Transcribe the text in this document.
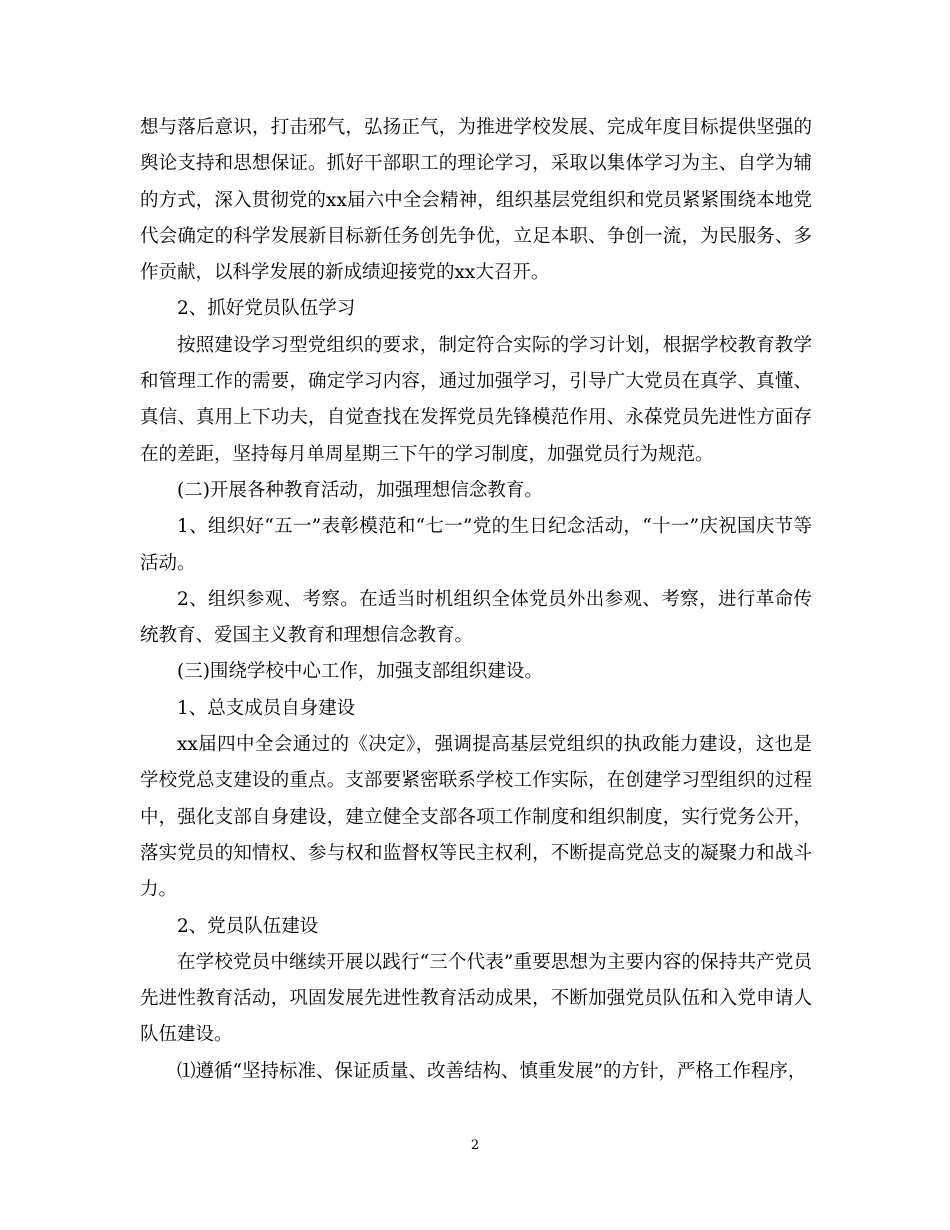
想与落后意识，打击邪气，弘扬正气，为推进学校发展、完成年度目标提供坚强的舆论支持和思想保证。抓好干部职工的理论学习，采取以集体学习为主、自学为辅的方式，深入贯彻党的xx届六中全会精神，组织基层党组织和党员紧紧围绕本地党代会确定的科学发展新目标新任务创先争优，立足本职、争创一流，为民服务、多作贡献，以科学发展的新成绩迎接党的xx大召开。

2、抓好党员队伍学习

按照建设学习型党组织的要求，制定符合实际的学习计划，根据学校教育教学和管理工作的需要，确定学习内容，通过加强学习，引导广大党员在真学、真懂、真信、真用上下功夫，自觉查找在发挥党员先锋模范作用、永葆党员先进性方面存在的差距，坚持每月单周星期三下午的学习制度，加强党员行为规范。

(二)开展各种教育活动，加强理想信念教育。

1、组织好“五一”表彰模范和“七一”党的生日纪念活动，“十一”庆祝国庆节等活动。

2、组织参观、考察。在适当时机组织全体党员外出参观、考察，进行革命传统教育、爱国主义教育和理想信念教育。

(三)围绕学校中心工作，加强支部组织建设。

1、总支成员自身建设

xx届四中全会通过的《决定》，强调提高基层党组织的执政能力建设，这也是学校党总支建设的重点。支部要紧密联系学校工作实际，在创建学习型组织的过程中，强化支部自身建设，建立健全支部各项工作制度和组织制度，实行党务公开，落实党员的知情权、参与权和监督权等民主权利，不断提高党总支的凝聚力和战斗力。

2、党员队伍建设

在学校党员中继续开展以践行“三个代表”重要思想为主要内容的保持共产党员先进性教育活动，巩固发展先进性教育活动成果，不断加强党员队伍和入党申请人队伍建设。

⑴遵循“坚持标准、保证质量、改善结构、慎重发展”的方针，严格工作程序，

2
